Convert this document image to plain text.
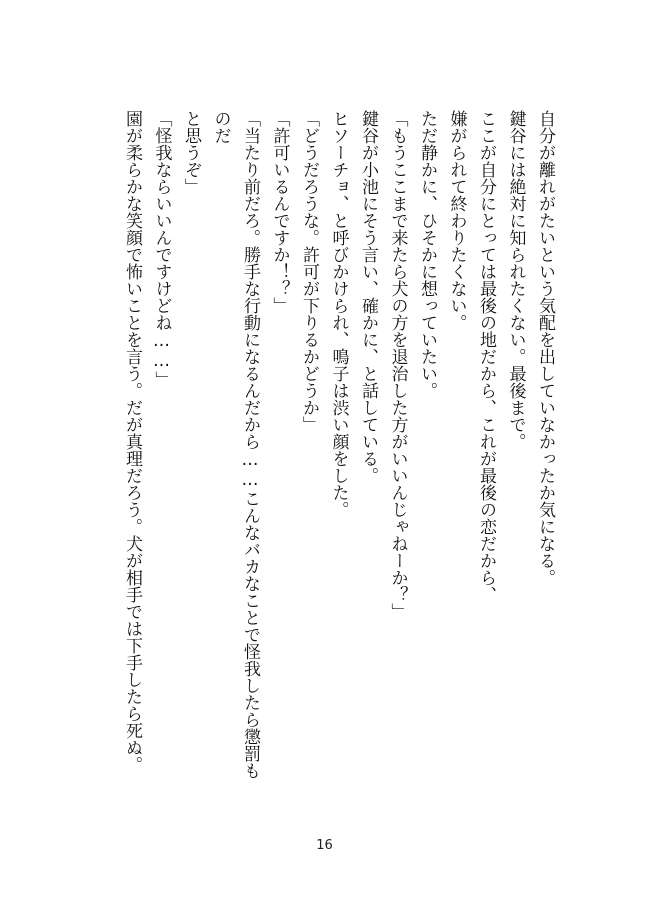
自分が離れがたいという気配を出していなかったか気になる。
鍵谷には絶対に知られたくない。最後まで。
ここが自分にとっては最後の地だから、これが最後の恋だから、
嫌がられて終わりたくない。
ただ静かに、ひそかに想っていたい。
「もうここまで来たら犬の方を退治した方がいいんじゃねーか？」
鍵谷が小池にそう言い、確かに、と話している。
ヒソーチョ、と呼びかけられ、鳴子は渋い顔をした。
「どうだろうな。許可が下りるかどうか」
「許可いるんですか！？」
「当たり前だろ。勝手な行動になるんだから……こんなバカなことで怪我したら懲罰ものだ
と思うぞ」
「怪我ならいいんですけどね……」
園が柔らかな笑顔で怖いことを言う。だが真理だろう。犬が相手では下手したら死ぬ。
16
